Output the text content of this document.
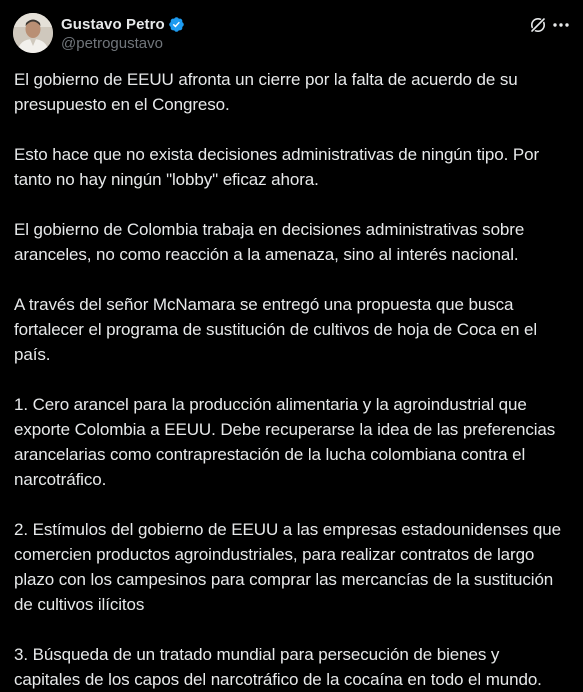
Gustavo Petro
@petrogustavo

El gobierno de EEUU afronta un cierre por la falta de acuerdo de su
presupuesto en el Congreso.

Esto hace que no exista decisiones administrativas de ningún tipo. Por
tanto no hay ningún "lobby" eficaz ahora.

El gobierno de Colombia trabaja en decisiones administrativas sobre
aranceles, no como reacción a la amenaza, sino al interés nacional.

A través del señor McNamara se entregó una propuesta que busca
fortalecer el programa de sustitución de cultivos de hoja de Coca en el
país.

1. Cero arancel para la producción alimentaria y la agroindustrial que
exporte Colombia a EEUU. Debe recuperarse la idea de las preferencias
arancelarias como contraprestación de la lucha colombiana contra el
narcotráfico.

2. Estímulos del gobierno de EEUU a las empresas estadounidenses que
comercien productos agroindustriales, para realizar contratos de largo
plazo con los campesinos para comprar las mercancías de la sustitución
de cultivos ilícitos

3. Búsqueda de un tratado mundial para persecución de bienes y
capitales de los capos del narcotráfico de la cocaína en todo el mundo.
